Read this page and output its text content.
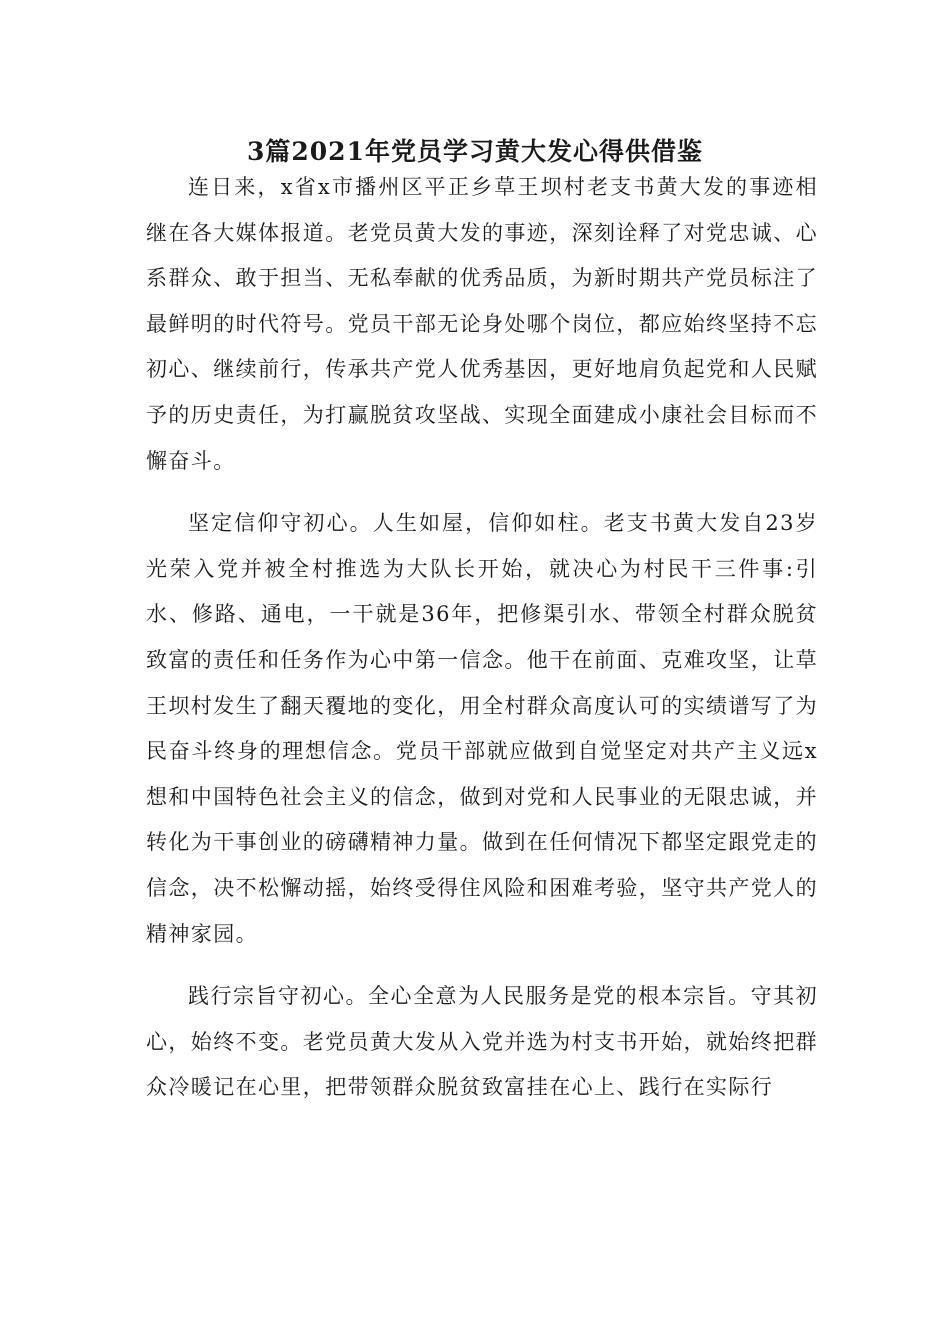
3篇2021年党员学习黄大发心得供借鉴

连日来，x省x市播州区平正乡草王坝村老支书黄大发的事迹相继在各大媒体报道。老党员黄大发的事迹，深刻诠释了对党忠诚、心系群众、敢于担当、无私奉献的优秀品质，为新时期共产党员标注了最鲜明的时代符号。党员干部无论身处哪个岗位，都应始终坚持不忘初心、继续前行，传承共产党人优秀基因，更好地肩负起党和人民赋予的历史责任，为打赢脱贫攻坚战、实现全面建成小康社会目标而不懈奋斗。

坚定信仰守初心。人生如屋，信仰如柱。老支书黄大发自23岁光荣入党并被全村推选为大队长开始，就决心为村民干三件事:引水、修路、通电，一干就是36年，把修渠引水、带领全村群众脱贫致富的责任和任务作为心中第一信念。他干在前面、克难攻坚，让草王坝村发生了翻天覆地的变化，用全村群众高度认可的实绩谱写了为民奋斗终身的理想信念。党员干部就应做到自觉坚定对共产主义远x想和中国特色社会主义的信念，做到对党和人民事业的无限忠诚，并转化为干事创业的磅礴精神力量。做到在任何情况下都坚定跟党走的信念，决不松懈动摇，始终受得住风险和困难考验，坚守共产党人的精神家园。

践行宗旨守初心。全心全意为人民服务是党的根本宗旨。守其初心，始终不变。老党员黄大发从入党并选为村支书开始，就始终把群众冷暖记在心里，把带领群众脱贫致富挂在心上、践行在实际行
